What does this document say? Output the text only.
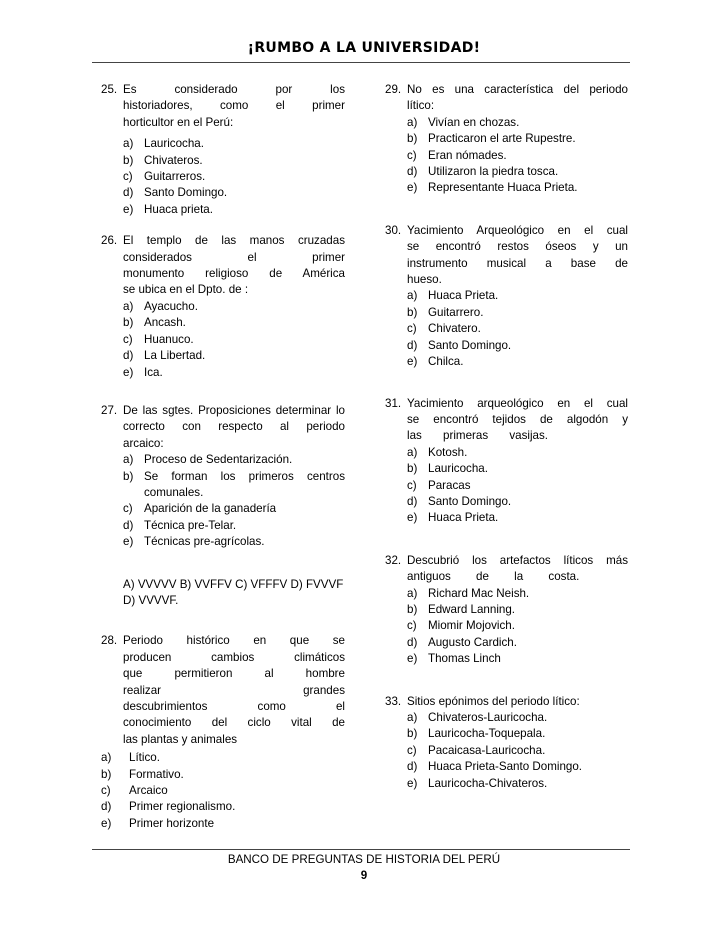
¡RUMBO A LA UNIVERSIDAD!
25. Es considerado por los
historiadores, como el primer
horticultor en el Perú:
a) Lauricocha.
b) Chivateros.
c) Guitarreros.
d) Santo Domingo.
e) Huaca prieta.
26. El templo de las manos cruzadas
considerados el primer
monumento religioso de América
se ubica en el Dpto. de :
a) Ayacucho.
b) Ancash.
c) Huanuco.
d) La Libertad.
e) Ica.
27. De las sgtes. Proposiciones determinar lo
correcto con respecto al periodo
arcaico:
a) Proceso de Sedentarización.
b) Se forman los primeros centros comunales.
c) Aparición de la ganadería
d) Técnica pre-Telar.
e) Técnicas pre-agrícolas.
A) VVVVV B) VVFFV C) VFFFV D) FVVVF
D) VVVVF.
28. Periodo histórico en que se
producen cambios climáticos
que permitieron al hombre
realizar grandes
descubrimientos como el
conocimiento del ciclo vital de
las plantas y animales
a)	Lítico.
b)	Formativo.
c)	Arcaico
d)	Primer regionalismo.
e)	Primer horizonte
29. No es una característica del periodo
lítico:
a) Vivían en chozas.
b) Practicaron el arte Rupestre.
c) Eran nómades.
d) Utilizaron la piedra tosca.
e) Representante Huaca Prieta.
30. Yacimiento Arqueológico en el cual
se encontró restos óseos y un
instrumento musical a base de
hueso.
a) Huaca Prieta.
b) Guitarrero.
c) Chivatero.
d) Santo Domingo.
e) Chilca.
31. Yacimiento arqueológico en el cual
se encontró tejidos de algodón y
las primeras vasijas.
a) Kotosh.
b) Lauricocha.
c) Paracas
d) Santo Domingo.
e) Huaca Prieta.
32. Descubrió los artefactos líticos más
antiguos de la costa.
a) Richard Mac Neish.
b) Edward Lanning.
c) Miomir Mojovich.
d) Augusto Cardich.
e) Thomas Linch
33. Sitios epónimos del periodo lítico:
a) Chivateros-Lauricocha.
b) Lauricocha-Toquepala.
c) Pacaicasa-Lauricocha.
d) Huaca Prieta-Santo Domingo.
e) Lauricocha-Chivateros.
BANCO DE PREGUNTAS DE HISTORIA DEL PERÚ
9
